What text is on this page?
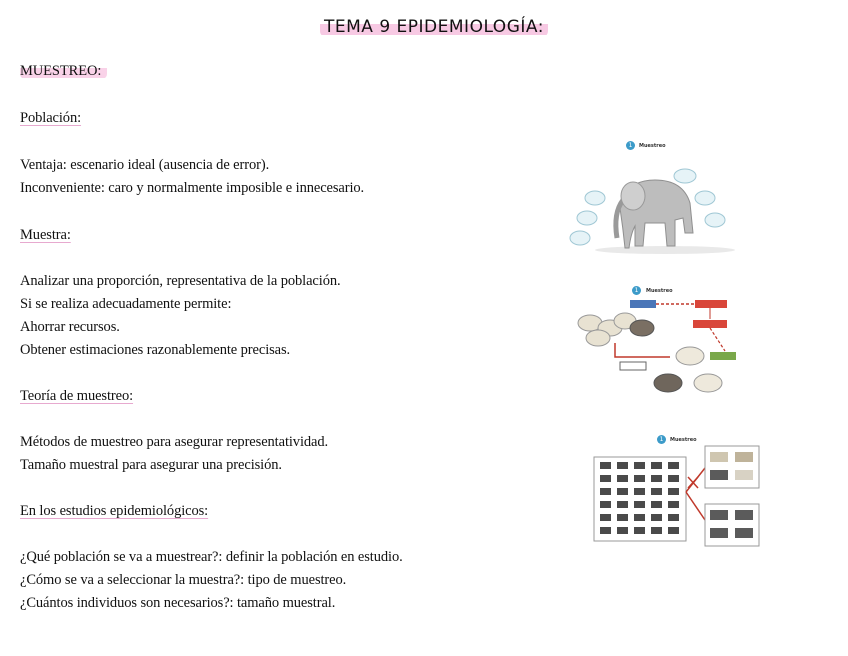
TEMA 9 EPIDEMIOLOGÍA:
MUESTREO:
Población:
Ventaja: escenario ideal (ausencia de error).
Inconveniente: caro y normalmente imposible e innecesario.
Muestra:
Analizar una proporción, representativa de la población.
Si se realiza adecuadamente permite:
Ahorrar recursos.
Obtener estimaciones razonablemente precisas.
Teoría de muestreo:
Métodos de muestreo para asegurar representatividad.
Tamaño muestral para asegurar una precisión.
En los estudios epidemiológicos:
¿Qué población se va a muestrear?: definir la población en estudio.
¿Cómo se va a seleccionar la muestra?: tipo de muestreo.
¿Cuántos individuos son necesarios?: tamaño muestral.
1	Muestreo
1	Muestreo
1	Muestreo
